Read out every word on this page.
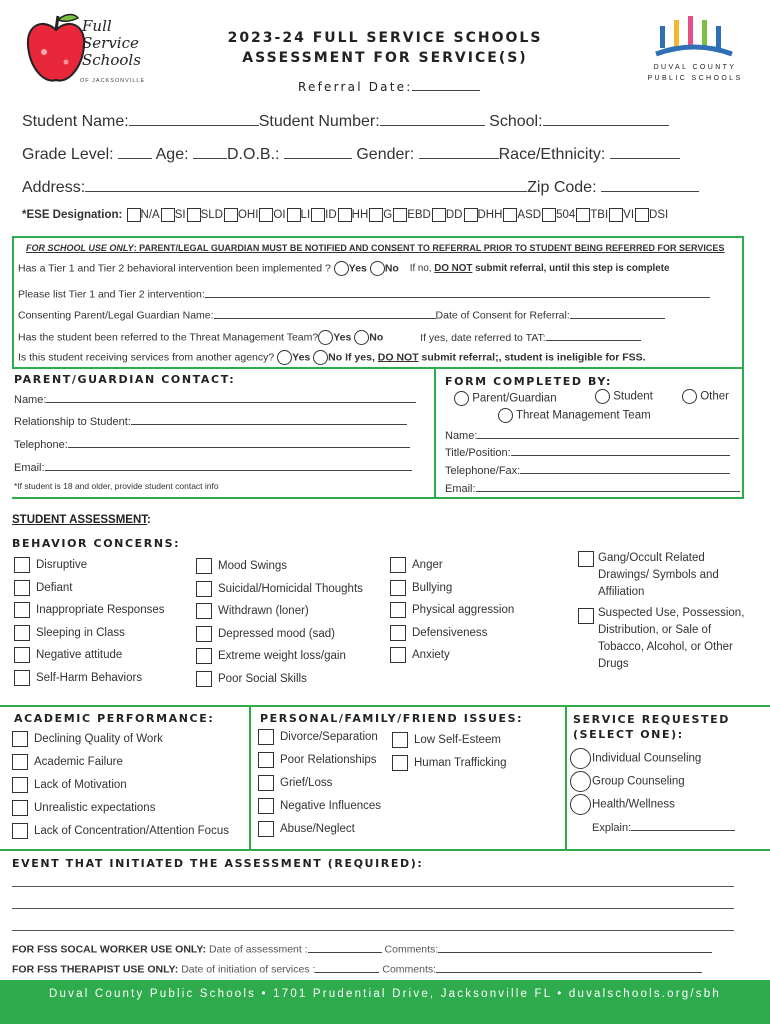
Full
Service
Schools
OF JACKSONVILLE
2023-24 FULL SERVICE SCHOOLS
ASSESSMENT FOR SERVICE(S)
Referral Date:
DUVAL COUNTY
PUBLIC SCHOOLS
Student Name:	Student Number:	School:
Grade Level:	Age: D.O.B.:	Gender:	Race/Ethnicity:
Address:	Zip Code:
*ESE Designation: N/A SI SLD OHI OI LI ID HH G EBD DD DHH ASD 504 TBI VI DSI
FOR SCHOOL USE ONLY: PARENT/LEGAL GUARDIAN MUST BE NOTIFIED AND CONSENT TO REFERRAL PRIOR TO STUDENT BEING REFERRED FOR SERVICES
Has a Tier 1 and Tier 2 behavioral intervention been implemented ? Yes No If no, DO NOT submit referral, until this step is complete
Please list Tier 1 and Tier 2 intervention:
Consenting Parent/Legal Guardian Name:	Date of Consent for Referral:
Has the student been referred to the Threat Management Team? Yes No	If yes, date referred to TAT:
Is this student receiving services from another agency? Yes No If yes, DO NOT submit referral;, student is ineligible for FSS.
PARENT/GUARDIAN CONTACT:
Name:
Relationship to Student:
Telephone:
Email:
*If student is 18 and older, provide student contact info
FORM COMPLETED BY:
Parent/Guardian	Student	Other
Threat Management Team
Name:
Title/Position:
Telephone/Fax:
Email:
STUDENT ASSESSMENT:
BEHAVIOR CONCERNS:
Disruptive
Defiant
Inappropriate Responses
Sleeping in Class
Negative attitude
Self-Harm Behaviors
Mood Swings
Suicidal/Homicidal Thoughts
Withdrawn (loner)
Depressed mood (sad)
Extreme weight loss/gain
Poor Social Skills
Anger
Bullying
Physical aggression
Defensiveness
Anxiety
Gang/Occult Related
Drawings/ Symbols and
Affiliation
Suspected Use, Possession,
Distribution, or Sale of
Tobacco, Alcohol, or Other
Drugs
ACADEMIC PERFORMANCE:
Declining Quality of Work
Academic Failure
Lack of Motivation
Unrealistic expectations
Lack of Concentration/Attention Focus
PERSONAL/FAMILY/FRIEND ISSUES:
Divorce/Separation
Poor Relationships
Grief/Loss
Negative Influences
Abuse/Neglect
Low Self-Esteem
Human Trafficking
SERVICE REQUESTED
(SELECT ONE):
Individual Counseling
Group Counseling
Health/Wellness
Explain:
EVENT THAT INITIATED THE ASSESSMENT (REQUIRED):
FOR FSS SOCAL WORKER USE ONLY: Date of assessment :	Comments:
FOR FSS THERAPIST USE ONLY: Date of initiation of services :	Comments:
Duval County Public Schools • 1701 Prudential Drive, Jacksonville FL • duvalschools.org/sbh
